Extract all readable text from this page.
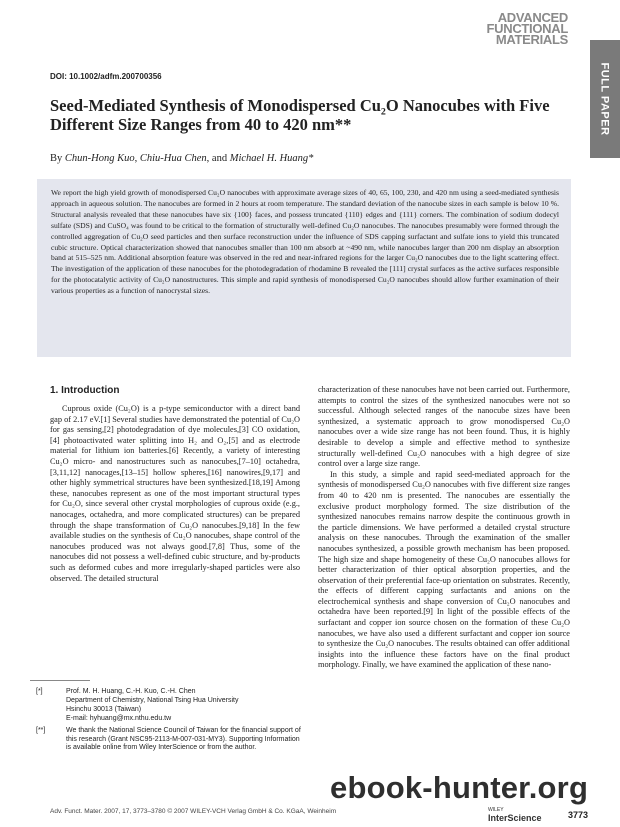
ADVANCED
FUNCTIONAL
MATERIALS
FULL PAPER
DOI: 10.1002/adfm.200700356
Seed-Mediated Synthesis of Monodispersed Cu₂O Nanocubes with Five Different Size Ranges from 40 to 420 nm**
By Chun-Hong Kuo, Chiu-Hua Chen, and Michael H. Huang*
We report the high yield growth of monodispersed Cu₂O nanocubes with approximate average sizes of 40, 65, 100, 230, and 420 nm using a seed-mediated synthesis approach in aqueous solution. The nanocubes are formed in 2 hours at room temperature. The standard deviation of the nanocube sizes in each sample is below 10 %. Structural analysis revealed that these nanocubes have six {100} faces, and possess truncated {110} edges and {111} corners. The combination of sodium dodecyl sulfate (SDS) and CuSO₄ was found to be critical to the formation of structurally well-defined Cu₂O nanocubes. The nanocubes presumably were formed through the controlled aggregation of Cu₂O seed particles and then surface reconstruction under the influence of SDS capping surfactant and sulfate ions to yield this truncated cubic structure. Optical characterization showed that nanocubes smaller than 100 nm absorb at ~490 nm, while nanocubes larger than 200 nm display an absorption band at 515–525 nm. Additional absorption feature was observed in the red and near-infrared regions for the larger Cu₂O nanocubes due to the light scattering effect. The investigation of the application of these nanocubes for the photodegradation of rhodamine B revealed the [111] crystal surfaces as the active surfaces responsible for the photocatalytic activity of Cu₂O nanostructures. This simple and rapid synthesis of monodispersed Cu₂O nanocubes should allow further examination of their various properties as a function of nanocrystal sizes.
1. Introduction

Cuprous oxide (Cu₂O) is a p-type semiconductor with a direct band gap of 2.17 eV.[1] Several studies have demonstrated the potential of Cu₂O for gas sensing,[2] photodegradation of dye molecules,[3] CO oxidation,[4] photoactivated water splitting into H₂ and O₂,[5] and as electrode material for lithium ion batteries.[6] Recently, a variety of interesting Cu₂O micro- and nanostructures such as nanocubes,[7–10] octahedra,[3,11,12] nanocages,[13–15] hollow spheres,[16] nanowires,[9,17] and other highly symmetrical structures have been synthesized.[18,19] Among these, nanocubes represent as one of the most important structural types for Cu₂O, since several other crystal morphologies of cuprous oxide (e.g., nanocages, octahedra, and more complicated structures) can be prepared through the shape transformation of Cu₂O nanocubes.[9,18] In the few available studies on the synthesis of Cu₂O nanocubes, shape control of the nanocubes produced was not always good.[7,8] Thus, some of the nanocubes did not possess a well-defined cubic structure, and by-products such as deformed cubes and more irregularly-shaped particles were also observed. The detailed structural

characterization of these nanocubes have not been carried out. Furthermore, attempts to control the sizes of the synthesized nanocubes were not so successful. Although selected ranges of the nanocube sizes have been synthesized, a systematic approach to grow monodispersed Cu₂O nanocubes over a wide size range has not been found. Thus, it is highly desirable to develop a simple and effective method to synthesize structurally well-defined Cu₂O nanocubes with a high degree of size control over a large size range.

In this study, a simple and rapid seed-mediated approach for the synthesis of monodispersed Cu₂O nanocubes with five different size ranges from 40 to 420 nm is presented. The nanocubes are essentially the exclusive product morphology formed. The size distribution of the synthesized nanocubes remains narrow despite the continuous growth in the particle dimensions. We have performed a detailed crystal structure analysis on these nanocubes. Through the examination of the smaller nanocubes synthesized, a possible growth mechanism has been proposed. The high size and shape homogeneity of these Cu₂O nanocubes allows for better characterization of thier optical absorption properties, and the observation of their preferential face-up orientation on substrates. Recently, the effects of different capping surfactants and anions on the electrochemical synthesis and shape conversion of Cu₂O nanocubes and octahedra have been reported.[9] In light of the possible effects of the surfactant and copper ion source chosen on the formation of these Cu₂O nanocubes, we have also used a different surfactant and copper ion source to synthesize the Cu₂O nanocubes. The results obtained can offer additional insights into the influence these factors have on the final product morphology. Finally, we have examined the application of these nano-

[*]	Prof. M. H. Huang, C.-H. Kuo, C.-H. Chen
Department of Chemistry, National Tsing Hua University
Hsinchu 30013 (Taiwan)
E-mail: hyhuang@mx.nthu.edu.tw
[**]	We thank the National Science Council of Taiwan for the financial support of this research (Grant NSC95-2113-M-007-031-MY3). Supporting Information is available online from Wiley InterScience or from the author.
Adv. Funct. Mater. 2007, 17, 3773–3780 © 2007 WILEY-VCH Verlag GmbH & Co. KGaA, Weinheim	WILEY
InterScience	3773
ebook-hunter.org
